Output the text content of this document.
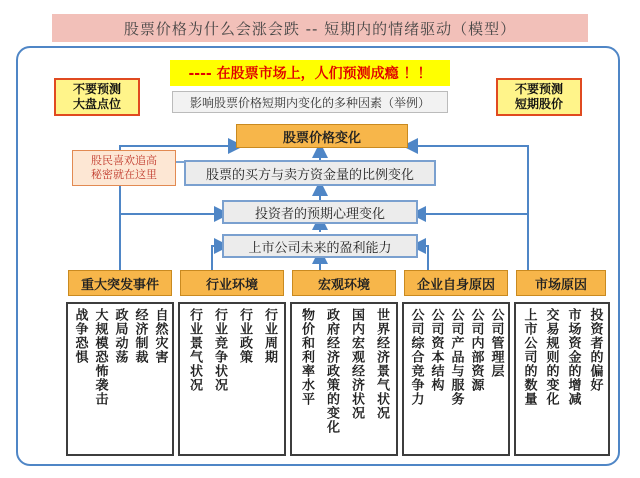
股票价格为什么会涨会跌 -- 短期内的情绪驱动（模型）
---- 在股票市场上，人们预测成瘾 ！！
不要预测
大盘点位
不要预测
短期股价
影响股票价格短期内变化的多种因素（举例）
股票价格变化
股票的买方与卖方资金量的比例变化
股民喜欢追高
秘密就在这里
投资者的预期心理变化
上市公司未来的盈利能力
重大突发事件	行业环境	宏观环境	企业自身原因	市场原因
自然灾害
经济制裁
政局动荡
大规模恐怖袭击
战争恐惧	行业周期
行业政策
行业竞争状况
行业景气状况	世界经济景气状况
国内宏观经济状况
政府经济政策的变化
物价和利率水平	公司管理层
公司内部资源
公司产品与服务
公司资本结构
公司综合竞争力	投资者的偏好
市场资金的增减
交易规则的变化
上市公司的数量
